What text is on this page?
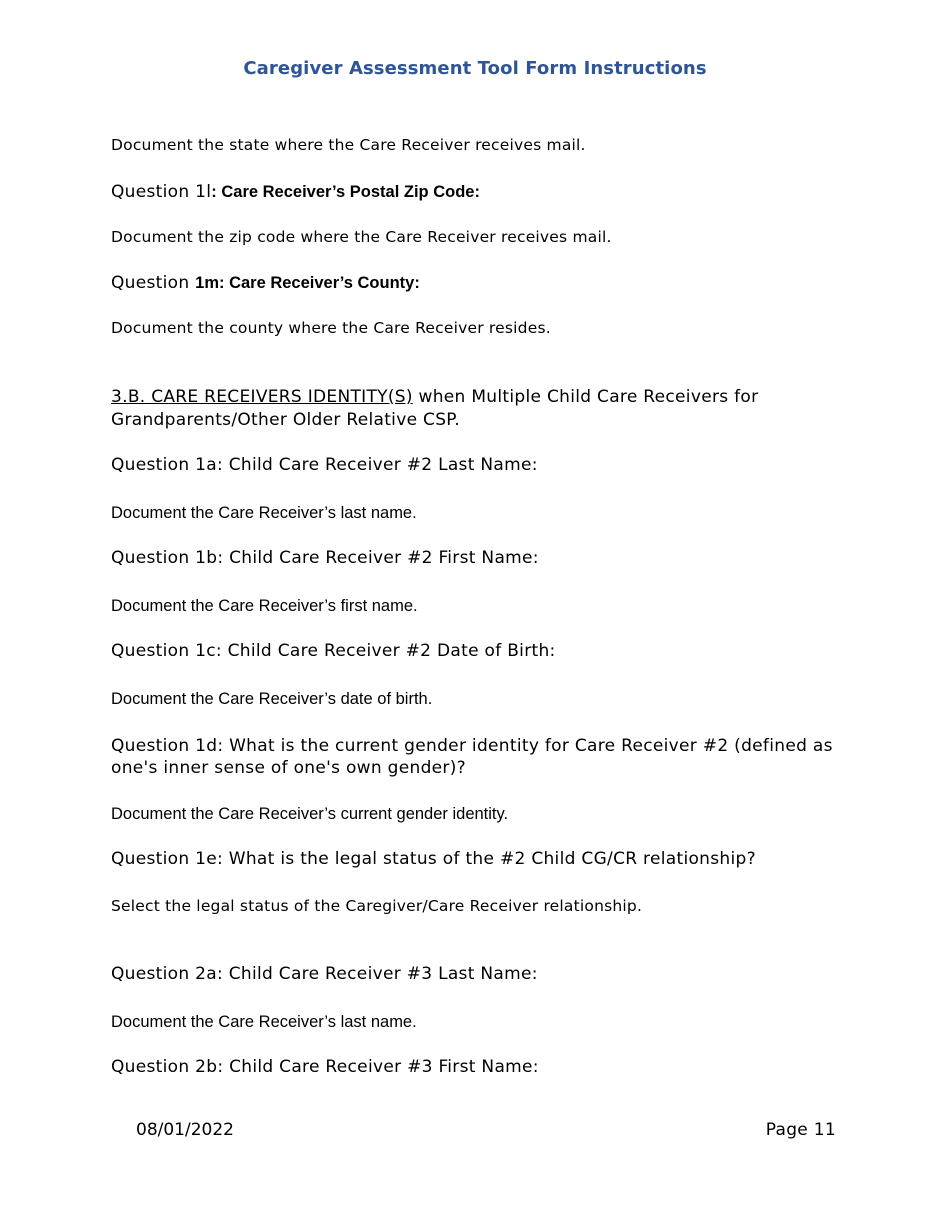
Caregiver Assessment Tool Form Instructions
Document the state where the Care Receiver receives mail.
Question 1l: Care Receiver’s Postal Zip Code:
Document the zip code where the Care Receiver receives mail.
Question 1m: Care Receiver’s County:
Document the county where the Care Receiver resides.
3.B. CARE RECEIVERS IDENTITY(S) when Multiple Child Care Receivers for Grandparents/Other Older Relative CSP.
Question 1a: Child Care Receiver #2 Last Name:
Document the Care Receiver’s last name.
Question 1b: Child Care Receiver #2 First Name:
Document the Care Receiver’s first name.
Question 1c: Child Care Receiver #2 Date of Birth:
Document the Care Receiver’s date of birth.
Question 1d: What is the current gender identity for Care Receiver #2 (defined as one's inner sense of one's own gender)?
Document the Care Receiver’s current gender identity.
Question 1e: What is the legal status of the #2 Child CG/CR relationship?
Select the legal status of the Caregiver/Care Receiver relationship.
Question 2a: Child Care Receiver #3 Last Name:
Document the Care Receiver’s last name.
Question 2b: Child Care Receiver #3 First Name:
08/01/2022	Page 11
